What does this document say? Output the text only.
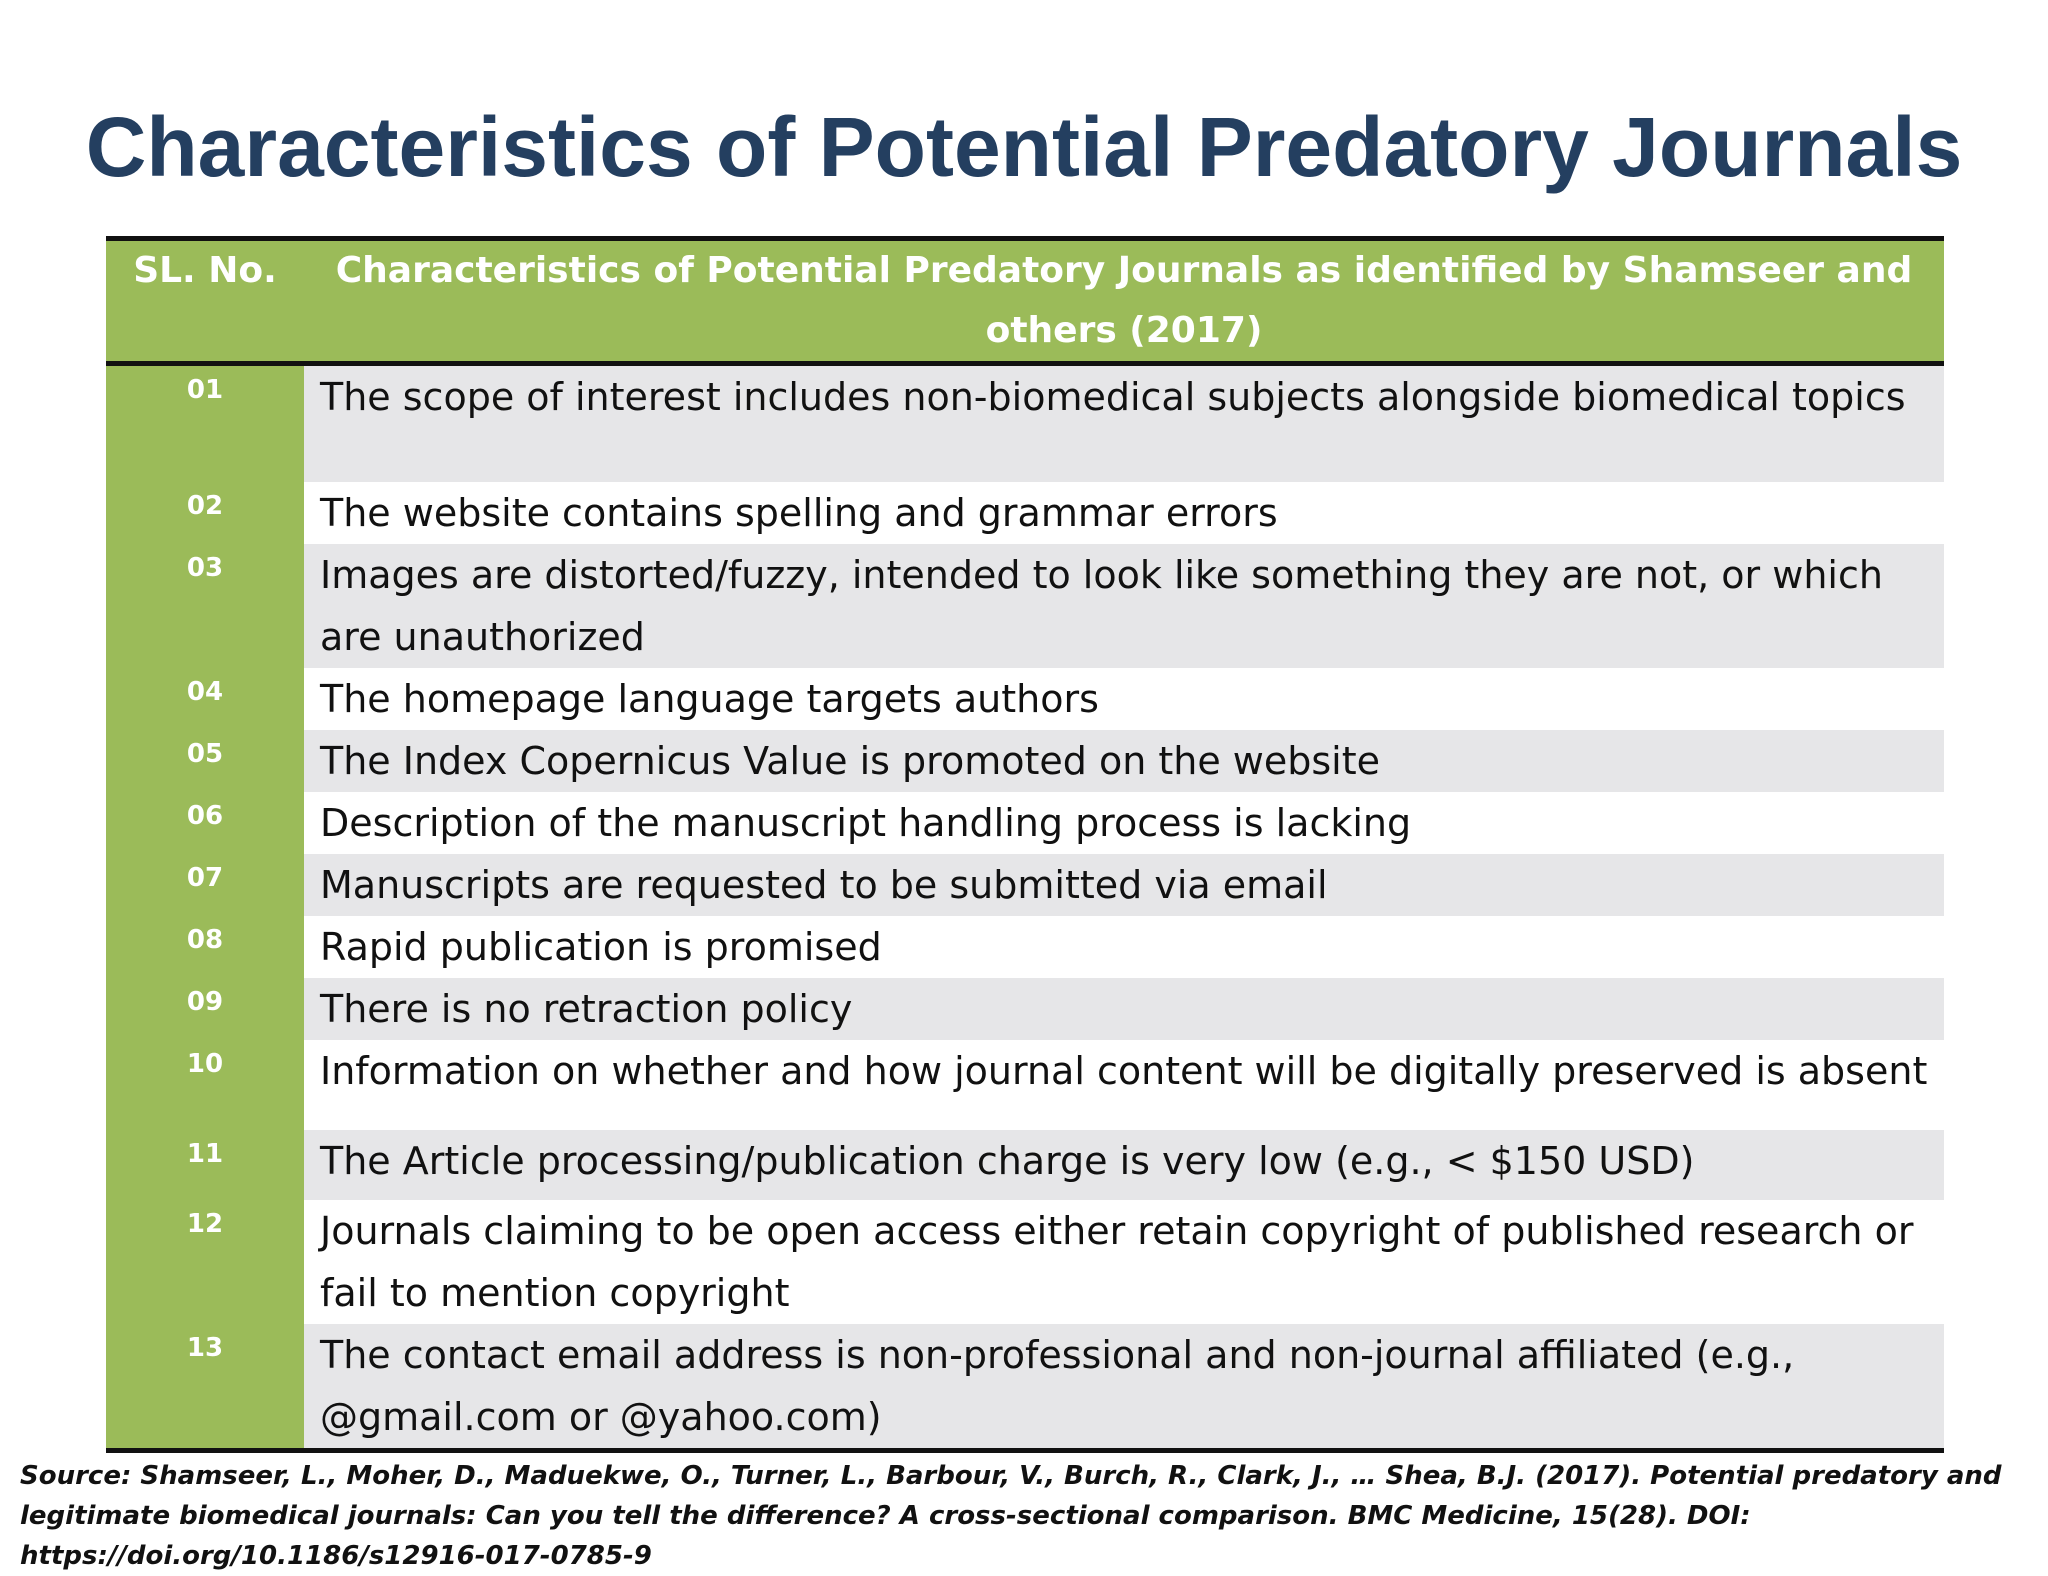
Characteristics of Potential Predatory Journals
SL. No.	Characteristics of Potential Predatory Journals as identified by Shamseer and others (2017)
01	The scope of interest includes non-biomedical subjects alongside biomedical topics
02	The website contains spelling and grammar errors
03	Images are distorted/fuzzy, intended to look like something they are not, or which are unauthorized
04	The homepage language targets authors
05	The Index Copernicus Value is promoted on the website
06	Description of the manuscript handling process is lacking
07	Manuscripts are requested to be submitted via email
08	Rapid publication is promised
09	There is no retraction policy
10	Information on whether and how journal content will be digitally preserved is absent
11	The Article processing/publication charge is very low (e.g., < $150 USD)
12	Journals claiming to be open access either retain copyright of published research or fail to mention copyright
13	The contact email address is non-professional and non-journal affiliated (e.g., @gmail.com or @yahoo.com)

Source: Shamseer, L., Moher, D., Maduekwe, O., Turner, L., Barbour, V., Burch, R., Clark, J., … Shea, B.J. (2017). Potential predatory and legitimate biomedical journals: Can you tell the difference? A cross-sectional comparison. BMC Medicine, 15(28). DOI: https://doi.org/10.1186/s12916-017-0785-9
